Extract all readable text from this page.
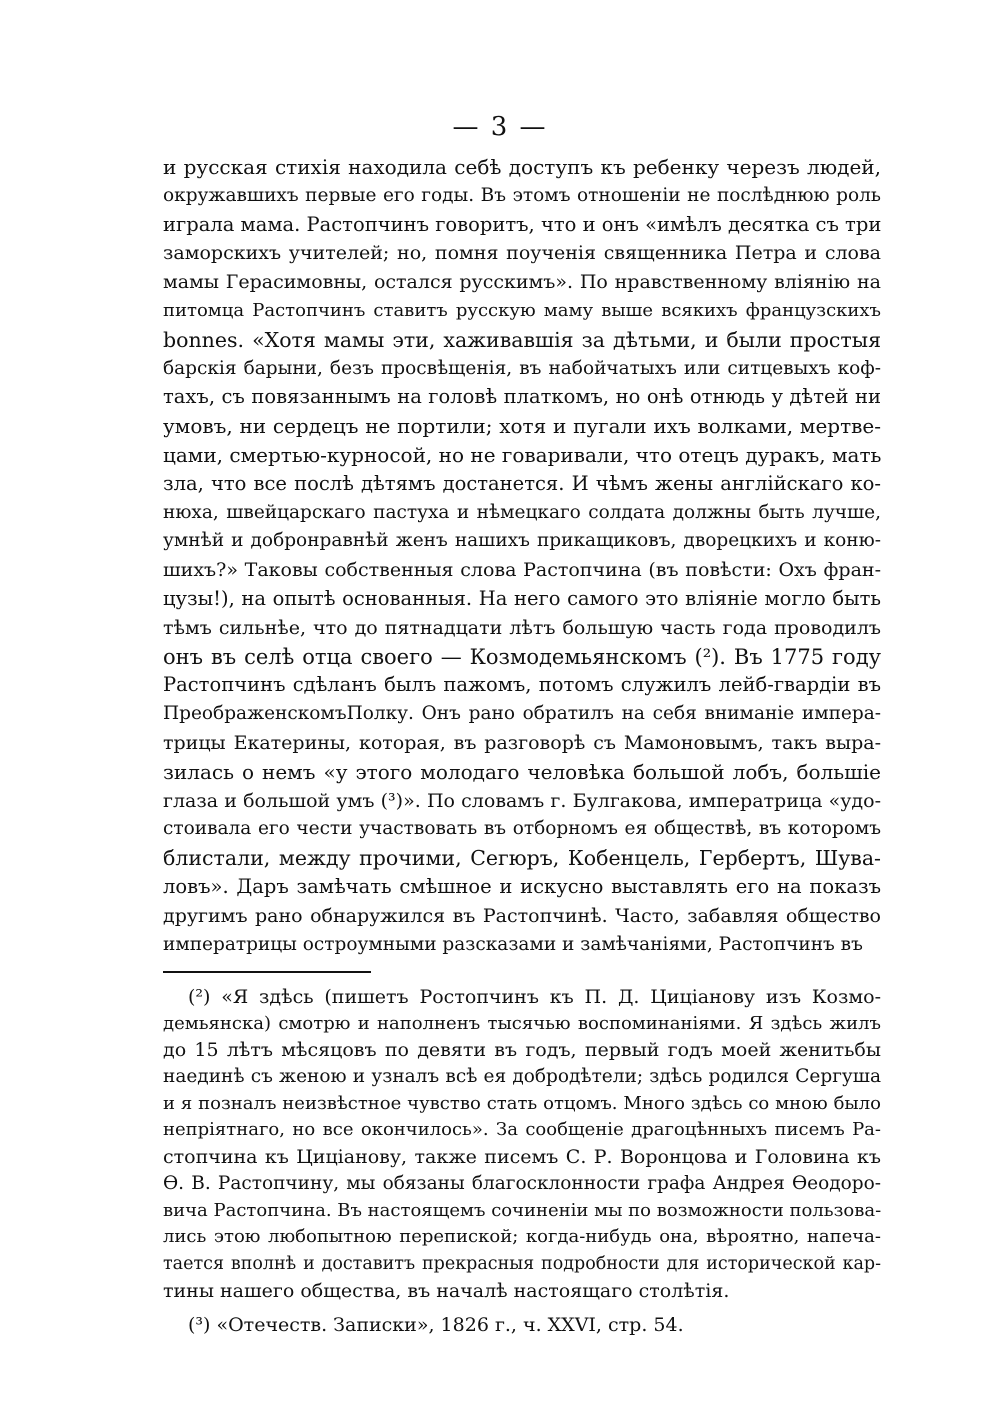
— 3 —
и русская стихія находила себѣ доступъ къ ребенку черезъ людей,
окружавшихъ первые его годы. Въ этомъ отношеніи не послѣднюю роль
играла мама. Растопчинъ говоритъ, что и онъ «имѣлъ десятка съ три
заморскихъ учителей; но, помня поученія священника Петра и слова
мамы Герасимовны, остался русскимъ». По нравственному вліянію на
питомца Растопчинъ ставитъ русскую маму выше всякихъ французскихъ
bonnes. «Хотя мамы эти, хаживавшія за дѣтьми, и были простыя
барскія барыни, безъ просвѣщенія, въ набойчатыхъ или ситцевыхъ коф-
тахъ, съ повязаннымъ на головѣ платкомъ, но онѣ отнюдь у дѣтей ни
умовъ, ни сердецъ не портили; хотя и пугали ихъ волками, мертве-
цами, смертью-курносой, но не говаривали, что отецъ дуракъ, мать
зла, что все послѣ дѣтямъ достанется. И чѣмъ жены англійскаго ко-
нюха, швейцарскаго пастуха и нѣмецкаго солдата должны быть лучше,
умнѣй и добронравнѣй женъ нашихъ прикащиковъ, дворецкихъ и коню-
шихъ?» Таковы собственныя слова Растопчина (въ повѣсти: Охъ фран-
цузы!), на опытѣ основанныя. На него самого это вліяніе могло быть
тѣмъ сильнѣе, что до пятнадцати лѣтъ большую часть года проводилъ
онъ въ селѣ отца своего — Козмодемьянскомъ (²). Въ 1775 году
Растопчинъ сдѣланъ былъ пажомъ, потомъ служилъ лейб-гвардіи въ
ПреображенскомъПолку. Онъ рано обратилъ на себя вниманіе импера-
трицы Екатерины, которая, въ разговорѣ съ Мамоновымъ, такъ выра-
зилась о немъ «у этого молодаго человѣка большой лобъ, большіе
глаза и большой умъ (³)». По словамъ г. Булгакова, императрица «удо-
стоивала его чести участвовать въ отборномъ ея обществѣ, въ которомъ
блистали, между прочими, Сегюръ, Кобенцель, Гербертъ, Шува-
ловъ». Даръ замѣчать смѣшное и искусно выставлять его на показъ
другимъ рано обнаружился въ Растопчинѣ. Часто, забавляя общество
императрицы остроумными разсказами и замѣчаніями, Растопчинъ въ
(²) «Я здѣсь (пишетъ Ростопчинъ къ П. Д. Циціанову изъ Козмо-
демьянска) смотрю и наполненъ тысячью воспоминаніями. Я здѣсь жилъ
до 15 лѣтъ мѣсяцовъ по девяти въ годъ, первый годъ моей женитьбы
наединѣ съ женою и узналъ всѣ ея добродѣтели; здѣсь родился Сергуша
и я позналъ неизвѣстное чувство стать отцомъ. Много здѣсь со мною было
непріятнаго, но все окончилось». За сообщеніе драгоцѣнныхъ писемъ Ра-
стопчина къ Циціанову, также писемъ С. Р. Воронцова и Головина къ
Ѳ. В. Растопчину, мы обязаны благосклонности графа Андрея Ѳеодоро-
вича Растопчина. Въ настоящемъ сочиненіи мы по возможности пользова-
лись этою любопытною перепиской; когда-нибудь она, вѣроятно, напеча-
тается вполнѣ и доставитъ прекрасныя подробности для исторической кар-
тины нашего общества, въ началѣ настоящаго столѣтія.
(³) «Отечеств. Записки», 1826 г., ч. XXVI, стр. 54.
